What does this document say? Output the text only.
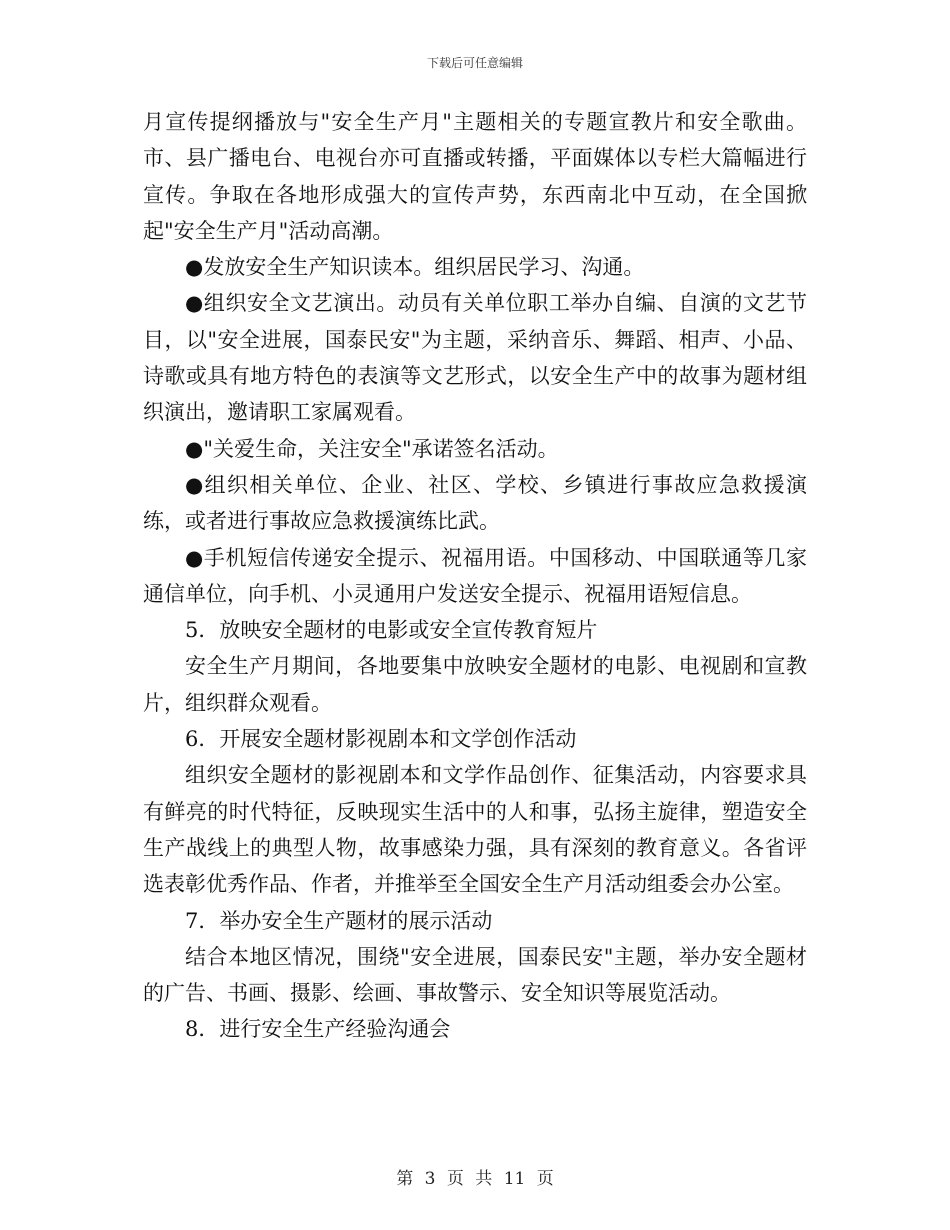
下载后可任意编辑

月宣传提纲播放与"安全生产月"主题相关的专题宣教片和安全歌曲。市、县广播电台、电视台亦可直播或转播，平面媒体以专栏大篇幅进行宣传。争取在各地形成强大的宣传声势，东西南北中互动，在全国掀起"安全生产月"活动高潮。

●发放安全生产知识读本。组织居民学习、沟通。

●组织安全文艺演出。动员有关单位职工举办自编、自演的文艺节目，以"安全进展，国泰民安"为主题，采纳音乐、舞蹈、相声、小品、诗歌或具有地方特色的表演等文艺形式，以安全生产中的故事为题材组织演出，邀请职工家属观看。

●"关爱生命，关注安全"承诺签名活动。

●组织相关单位、企业、社区、学校、乡镇进行事故应急救援演练，或者进行事故应急救援演练比武。

●手机短信传递安全提示、祝福用语。中国移动、中国联通等几家通信单位，向手机、小灵通用户发送安全提示、祝福用语短信息。

5．放映安全题材的电影或安全宣传教育短片

安全生产月期间，各地要集中放映安全题材的电影、电视剧和宣教片，组织群众观看。

6．开展安全题材影视剧本和文学创作活动

组织安全题材的影视剧本和文学作品创作、征集活动，内容要求具有鲜亮的时代特征，反映现实生活中的人和事，弘扬主旋律，塑造安全生产战线上的典型人物，故事感染力强，具有深刻的教育意义。各省评选表彰优秀作品、作者，并推举至全国安全生产月活动组委会办公室。

7．举办安全生产题材的展示活动

结合本地区情况，围绕"安全进展，国泰民安"主题，举办安全题材的广告、书画、摄影、绘画、事故警示、安全知识等展览活动。

8．进行安全生产经验沟通会

第 3 页 共 11 页
